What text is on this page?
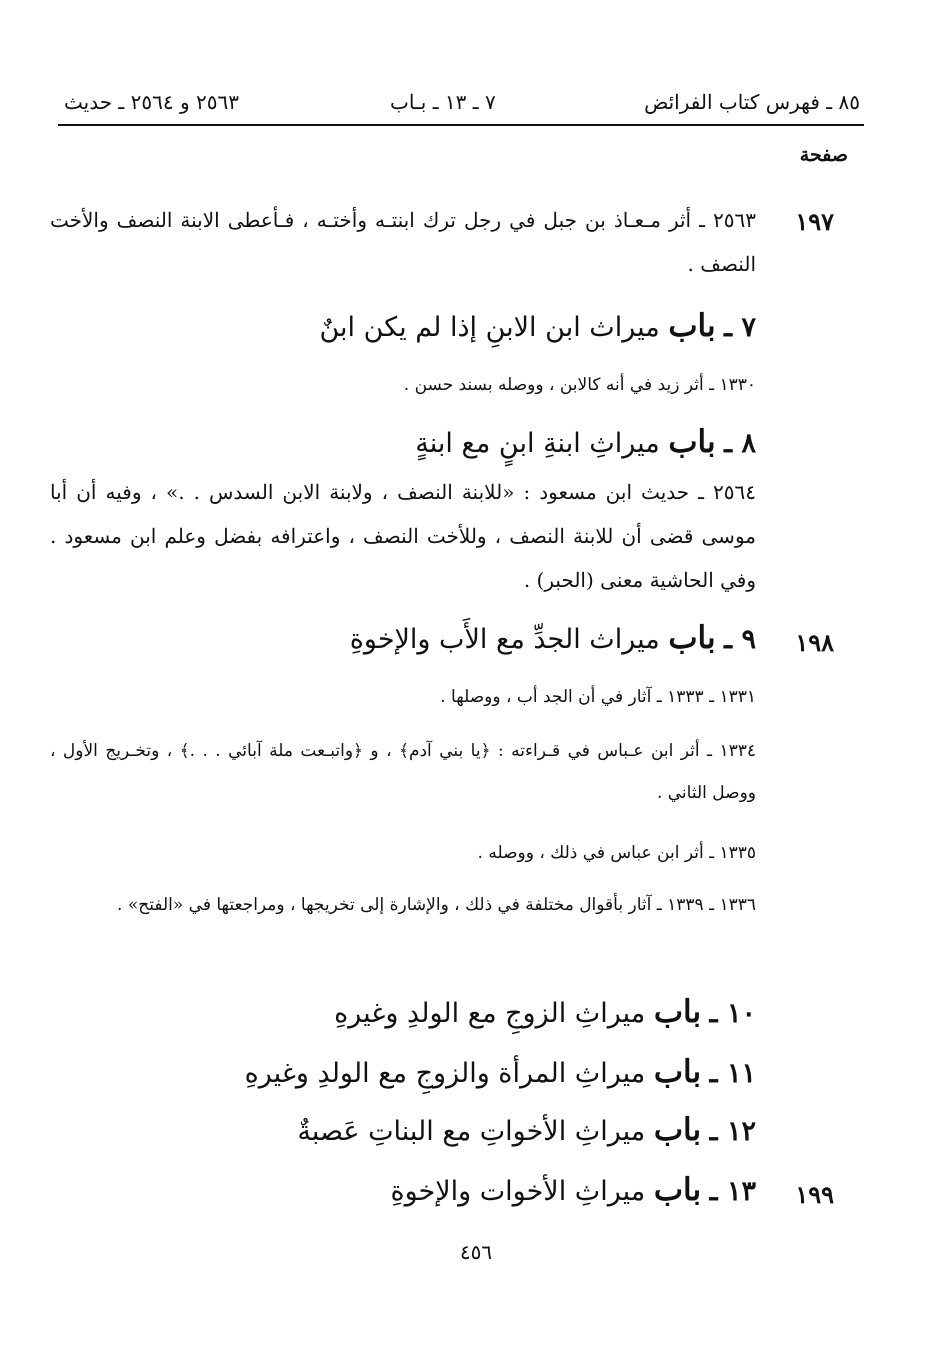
٨٥ ـ فهرس كتاب الفرائض
٧ ـ ١٣ ـ بـاب
٢٥٦٣ و ٢٥٦٤ ـ حديث
صفحة
١٩٧
٢٥٦٣ ـ أثر مـعـاذ بن جبل في رجل ترك ابنتـه وأختـه ، فـأعطى الابنة النصف والأخت النصف .
٧ ـ باب ميراث ابن الابنِ إذا لم يكن ابنٌ
١٣٣٠ ـ أثر زيد في أنه كالابن ، ووصله بسند حسن .
٨ ـ باب ميراثِ ابنةِ ابنٍ مع ابنةٍ
٢٥٦٤ ـ حديث ابن مسعود : «للابنة النصف ، ولابنة الابن السدس . .» ، وفيه أن أبا موسى قضى أن للابنة النصف ، وللأخت النصف ، واعترافه بفضل وعلم ابن مسعود . وفي الحاشية معنى (الحبر) .
١٩٨
٩ ـ باب ميراث الجدِّ مع الأَب والإخوةِ
١٣٣١ ـ ١٣٣٣ ـ آثار في أن الجد أب ، ووصلها .
١٣٣٤ ـ أثر ابن عـباس في قـراءته : ﴿يا بني آدم﴾ ، و ﴿واتبـعت ملة آبائي . . .﴾ ، وتخـريج الأول ، ووصل الثاني .
١٣٣٥ ـ أثر ابن عباس في ذلك ، ووصله .
١٣٣٦ ـ ١٣٣٩ ـ آثار بأقوال مختلفة في ذلك ، والإشارة إلى تخريجها ، ومراجعتها في «الفتح» .
١٠ ـ باب ميراثِ الزوجِ مع الولدِ وغيرهِ
١١ ـ باب ميراثِ المرأة والزوجِ مع الولدِ وغيرهِ
١٢ ـ باب ميراثِ الأخواتِ مع البناتِ عَصبةٌ
١٩٩
١٣ ـ باب ميراثِ الأخوات والإخوةِ
٤٥٦
